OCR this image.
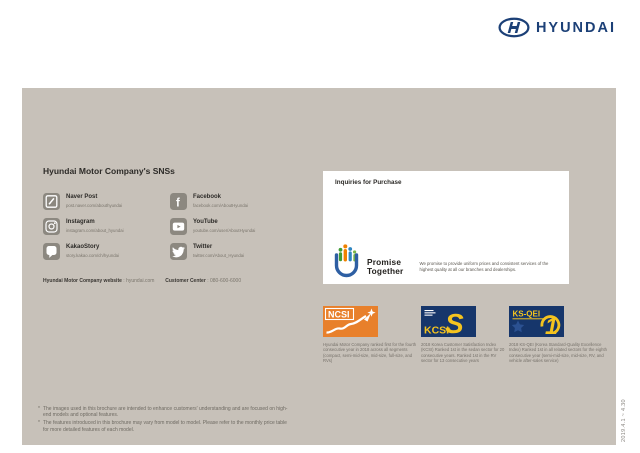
HYUNDAI
Hyundai Motor Company's SNSs
Naver Post
post.naver.com/abouthyundai	f
Facebook
facebook.com/AboutHyundai
Instagram
instagram.com/about_hyundai
YouTube
youtube.com/user/AboutHyundai
KakaoStory
story.kakao.com/ch/hyundai
Twitter
twitter.com/About_Hyundai
Hyundai Motor Company website : hyundai.com Customer Center : 080-600-6000
Inquiries for Purchase
Promise
Together
We promise to provide uniform prices and consistent services of the highest quality at all our branches and dealerships.
NCSI

Hyundai Motor Company ranked first for the fourth consecutive year in 2018 across all segments (compact, semi-mid-size, mid-size, full-size, and RVs)

S
KCSI

2018 Korea Customer Satisfaction Index (KCSI) Ranked 1st in the sedan sector for 20 consecutive years. Ranked 1st in the RV sector for 13 consecutive years

KS-QEI 1

2018 KS-QEI (Korea Standard-Quality Excellence Index) Ranked 1st in all related sectors for the eighth consecutive year (semi-mid-size, mid-size, RV, and vehicle after-sales service)

* The images used in this brochure are intended to enhance customers' understanding and are focused on high-end models and optional features.
* The features introduced in this brochure may vary from model to model. Please refer to the monthly price table for more detailed features of each model.	2019.4.1 ~ 4.30
